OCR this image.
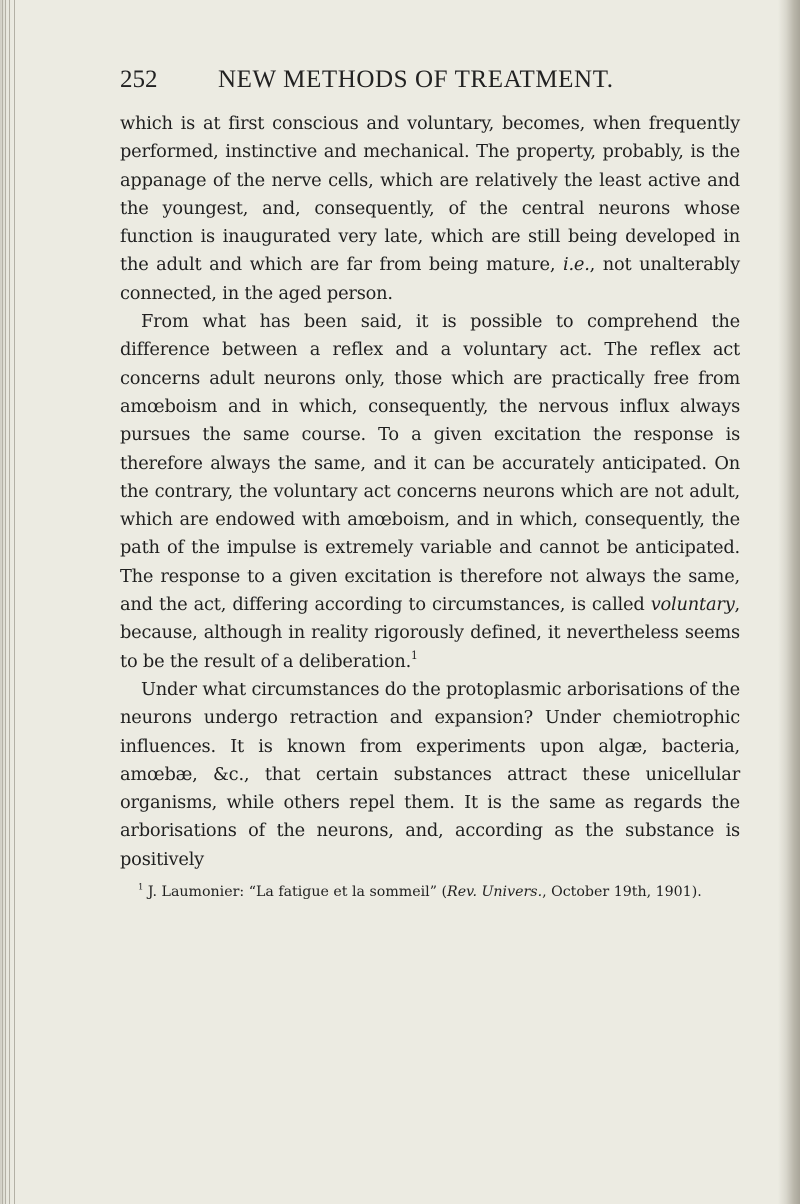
252	NEW METHODS OF TREATMENT.

which is at first conscious and voluntary, becomes, when frequently performed, instinctive and mechanical. The property, probably, is the appanage of the nerve cells, which are relatively the least active and the youngest, and, consequently, of the central neurons whose function is inaugurated very late, which are still being developed in the adult and which are far from being mature, i.e., not unalterably connected, in the aged person.

From what has been said, it is possible to comprehend the difference between a reflex and a voluntary act. The reflex act concerns adult neurons only, those which are practically free from amœboism and in which, consequently, the nervous influx always pursues the same course. To a given excitation the response is therefore always the same, and it can be accurately anticipated. On the contrary, the voluntary act concerns neurons which are not adult, which are endowed with amœboism, and in which, consequently, the path of the impulse is extremely variable and cannot be anticipated. The response to a given excitation is therefore not always the same, and the act, differing according to circumstances, is called voluntary, because, although in reality rigorously defined, it nevertheless seems to be the result of a deliberation.$^1$

Under what circumstances do the protoplasmic arborisations of the neurons undergo retraction and expansion? Under chemiotrophic influences. It is known from experiments upon algæ, bacteria, amœbæ, &c., that certain substances attract these unicellular organisms, while others repel them. It is the same as regards the arborisations of the neurons, and, according as the substance is positively

$^1$ J. Laumonier: “La fatigue et la sommeil” (Rev. Univers., October 19th, 1901).
